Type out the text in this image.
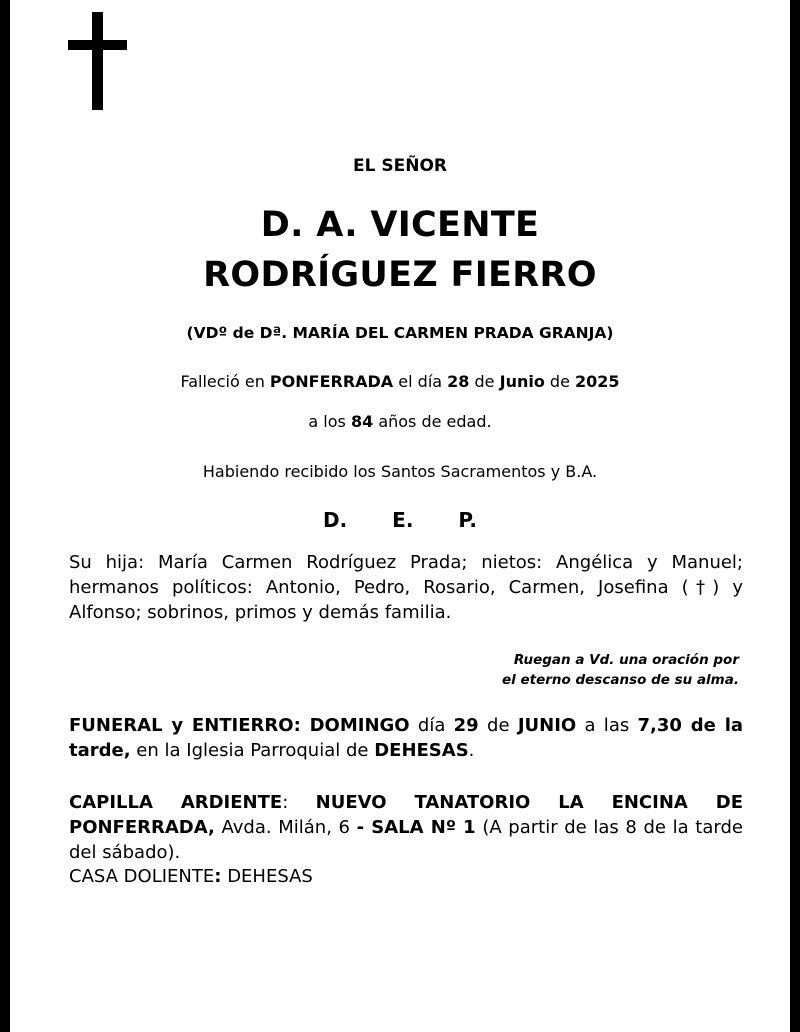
EL SEÑOR
D. A. VICENTE
RODRÍGUEZ FIERRO
(VDº de Dª. MARÍA DEL CARMEN PRADA GRANJA)
Falleció en PONFERRADA el día 28 de Junio de 2025
a los 84 años de edad.
Habiendo recibido los Santos Sacramentos y B.A.
D. E. P.
Su hija: María Carmen Rodríguez Prada; nietos: Angélica y Manuel; hermanos políticos: Antonio, Pedro, Rosario, Carmen, Josefina (†) y Alfonso; sobrinos, primos y demás familia.
Ruegan a Vd. una oración por
el eterno descanso de su alma.
FUNERAL y ENTIERRO: DOMINGO día 29 de JUNIO a las 7,30 de la tarde, en la Iglesia Parroquial de DEHESAS.
CAPILLA ARDIENTE: NUEVO TANATORIO LA ENCINA DE PONFERRADA, Avda. Milán, 6 - SALA Nº 1 (A partir de las 8 de la tarde del sábado).
CASA DOLIENTE: DEHESAS
